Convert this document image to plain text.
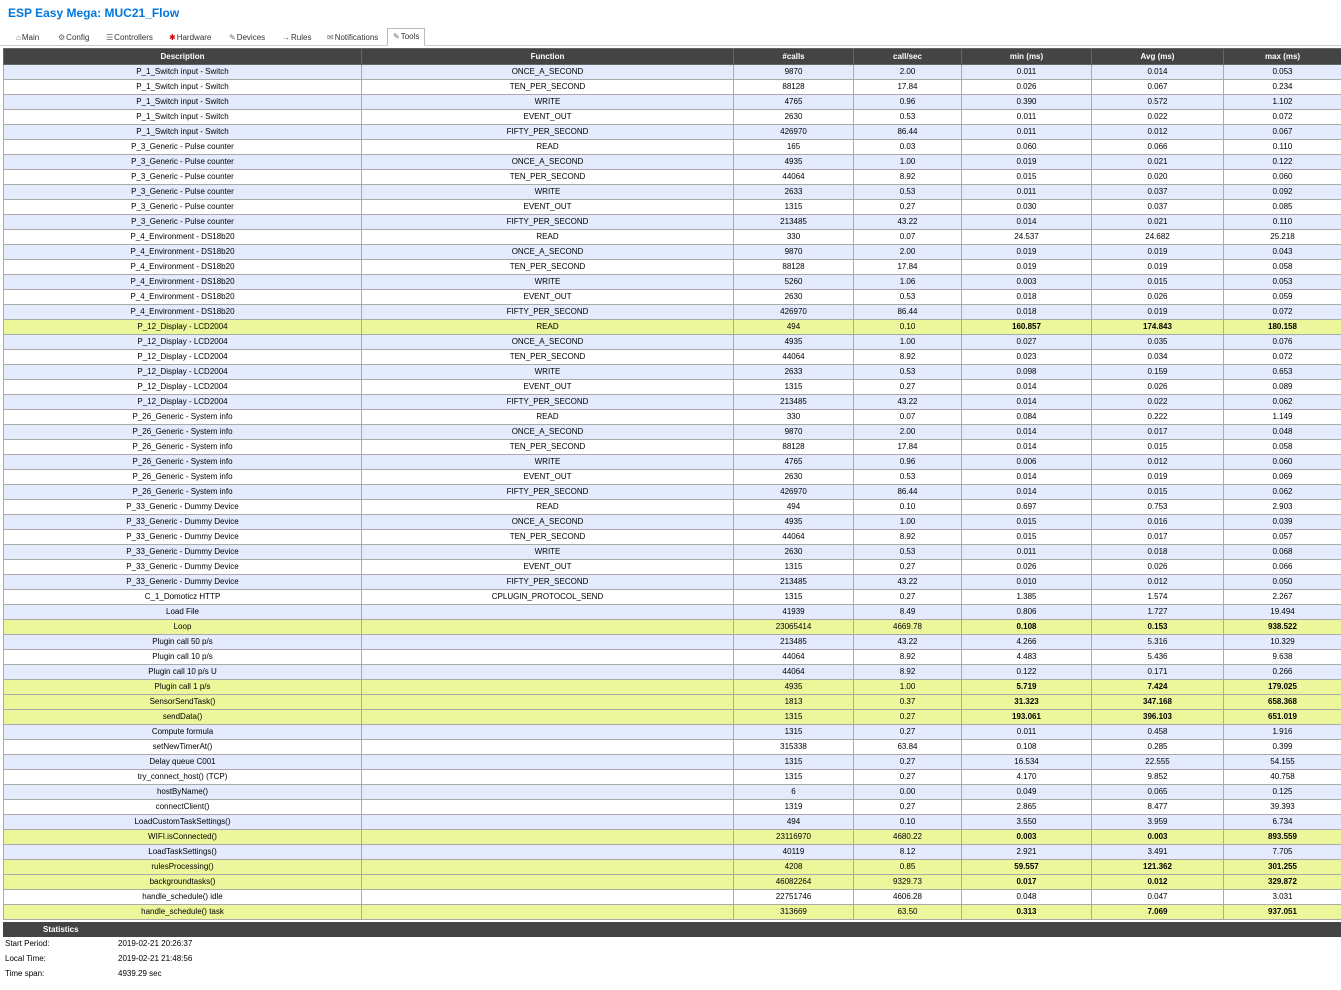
ESP Easy Mega: MUC21_Flow
⌂Main ⚙Config ☰Controllers ✱Hardware ✎Devices →Rules ✉Notifications	✎Tools
Description	Function	#calls	call/sec	min (ms)	Avg (ms)	max (ms)
P_1_Switch input - Switch	ONCE_A_SECOND	9870	2.00	0.011	0.014	0.053
P_1_Switch input - Switch	TEN_PER_SECOND	88128	17.84	0.026	0.067	0.234
P_1_Switch input - Switch	WRITE	4765	0.96	0.390	0.572	1.102
P_1_Switch input - Switch	EVENT_OUT	2630	0.53	0.011	0.022	0.072
P_1_Switch input - Switch	FIFTY_PER_SECOND	426970	86.44	0.011	0.012	0.067
P_3_Generic - Pulse counter	READ	165	0.03	0.060	0.066	0.110
P_3_Generic - Pulse counter	ONCE_A_SECOND	4935	1.00	0.019	0.021	0.122
P_3_Generic - Pulse counter	TEN_PER_SECOND	44064	8.92	0.015	0.020	0.060
P_3_Generic - Pulse counter	WRITE	2633	0.53	0.011	0.037	0.092
P_3_Generic - Pulse counter	EVENT_OUT	1315	0.27	0.030	0.037	0.085
P_3_Generic - Pulse counter	FIFTY_PER_SECOND	213485	43.22	0.014	0.021	0.110
P_4_Environment - DS18b20	READ	330	0.07	24.537	24.682	25.218
P_4_Environment - DS18b20	ONCE_A_SECOND	9870	2.00	0.019	0.019	0.043
P_4_Environment - DS18b20	TEN_PER_SECOND	88128	17.84	0.019	0.019	0.058
P_4_Environment - DS18b20	WRITE	5260	1.06	0.003	0.015	0.053
P_4_Environment - DS18b20	EVENT_OUT	2630	0.53	0.018	0.026	0.059
P_4_Environment - DS18b20	FIFTY_PER_SECOND	426970	86.44	0.018	0.019	0.072
P_12_Display - LCD2004	READ	494	0.10	160.857	174.843	180.158
P_12_Display - LCD2004	ONCE_A_SECOND	4935	1.00	0.027	0.035	0.076
P_12_Display - LCD2004	TEN_PER_SECOND	44064	8.92	0.023	0.034	0.072
P_12_Display - LCD2004	WRITE	2633	0.53	0.098	0.159	0.653
P_12_Display - LCD2004	EVENT_OUT	1315	0.27	0.014	0.026	0.089
P_12_Display - LCD2004	FIFTY_PER_SECOND	213485	43.22	0.014	0.022	0.062
P_26_Generic - System info	READ	330	0.07	0.084	0.222	1.149
P_26_Generic - System info	ONCE_A_SECOND	9870	2.00	0.014	0.017	0.048
P_26_Generic - System info	TEN_PER_SECOND	88128	17.84	0.014	0.015	0.058
P_26_Generic - System info	WRITE	4765	0.96	0.006	0.012	0.060
P_26_Generic - System info	EVENT_OUT	2630	0.53	0.014	0.019	0.069
P_26_Generic - System info	FIFTY_PER_SECOND	426970	86.44	0.014	0.015	0.062
P_33_Generic - Dummy Device	READ	494	0.10	0.697	0.753	2.903
P_33_Generic - Dummy Device	ONCE_A_SECOND	4935	1.00	0.015	0.016	0.039
P_33_Generic - Dummy Device	TEN_PER_SECOND	44064	8.92	0.015	0.017	0.057
P_33_Generic - Dummy Device	WRITE	2630	0.53	0.011	0.018	0.068
P_33_Generic - Dummy Device	EVENT_OUT	1315	0.27	0.026	0.026	0.066
P_33_Generic - Dummy Device	FIFTY_PER_SECOND	213485	43.22	0.010	0.012	0.050
C_1_Domoticz HTTP	CPLUGIN_PROTOCOL_SEND	1315	0.27	1.385	1.574	2.267
Load File		41939	8.49	0.806	1.727	19.494
Loop		23065414	4669.78	0.108	0.153	938.522
Plugin call 50 p/s		213485	43.22	4.266	5.316	10.329
Plugin call 10 p/s		44064	8.92	4.483	5.436	9.638
Plugin call 10 p/s U		44064	8.92	0.122	0.171	0.266
Plugin call 1 p/s		4935	1.00	5.719	7.424	179.025
SensorSendTask()		1813	0.37	31.323	347.168	658.368
sendData()		1315	0.27	193.061	396.103	651.019
Compute formula		1315	0.27	0.011	0.458	1.916
setNewTimerAt()		315338	63.84	0.108	0.285	0.399
Delay queue C001		1315	0.27	16.534	22.555	54.155
try_connect_host() (TCP)		1315	0.27	4.170	9.852	40.758
hostByName()		6	0.00	0.049	0.065	0.125
connectClient()		1319	0.27	2.865	8.477	39.393
LoadCustomTaskSettings()		494	0.10	3.550	3.959	6.734
WIFI.isConnected()		23116970	4680.22	0.003	0.003	893.559
LoadTaskSettings()		40119	8.12	2.921	3.491	7.705
rulesProcessing()		4208	0.85	59.557	121.362	301.255
backgroundtasks()		46082264	9329.73	0.017	0.012	329.872
handle_schedule() idle		22751746	4606.28	0.048	0.047	3.031
handle_schedule() task		313669	63.50	0.313	7.069	937.051
Statistics
Start Period:	2019-02-21 20:26:37
Local Time:	2019-02-21 21:48:56
Time span:	4939.29 sec
